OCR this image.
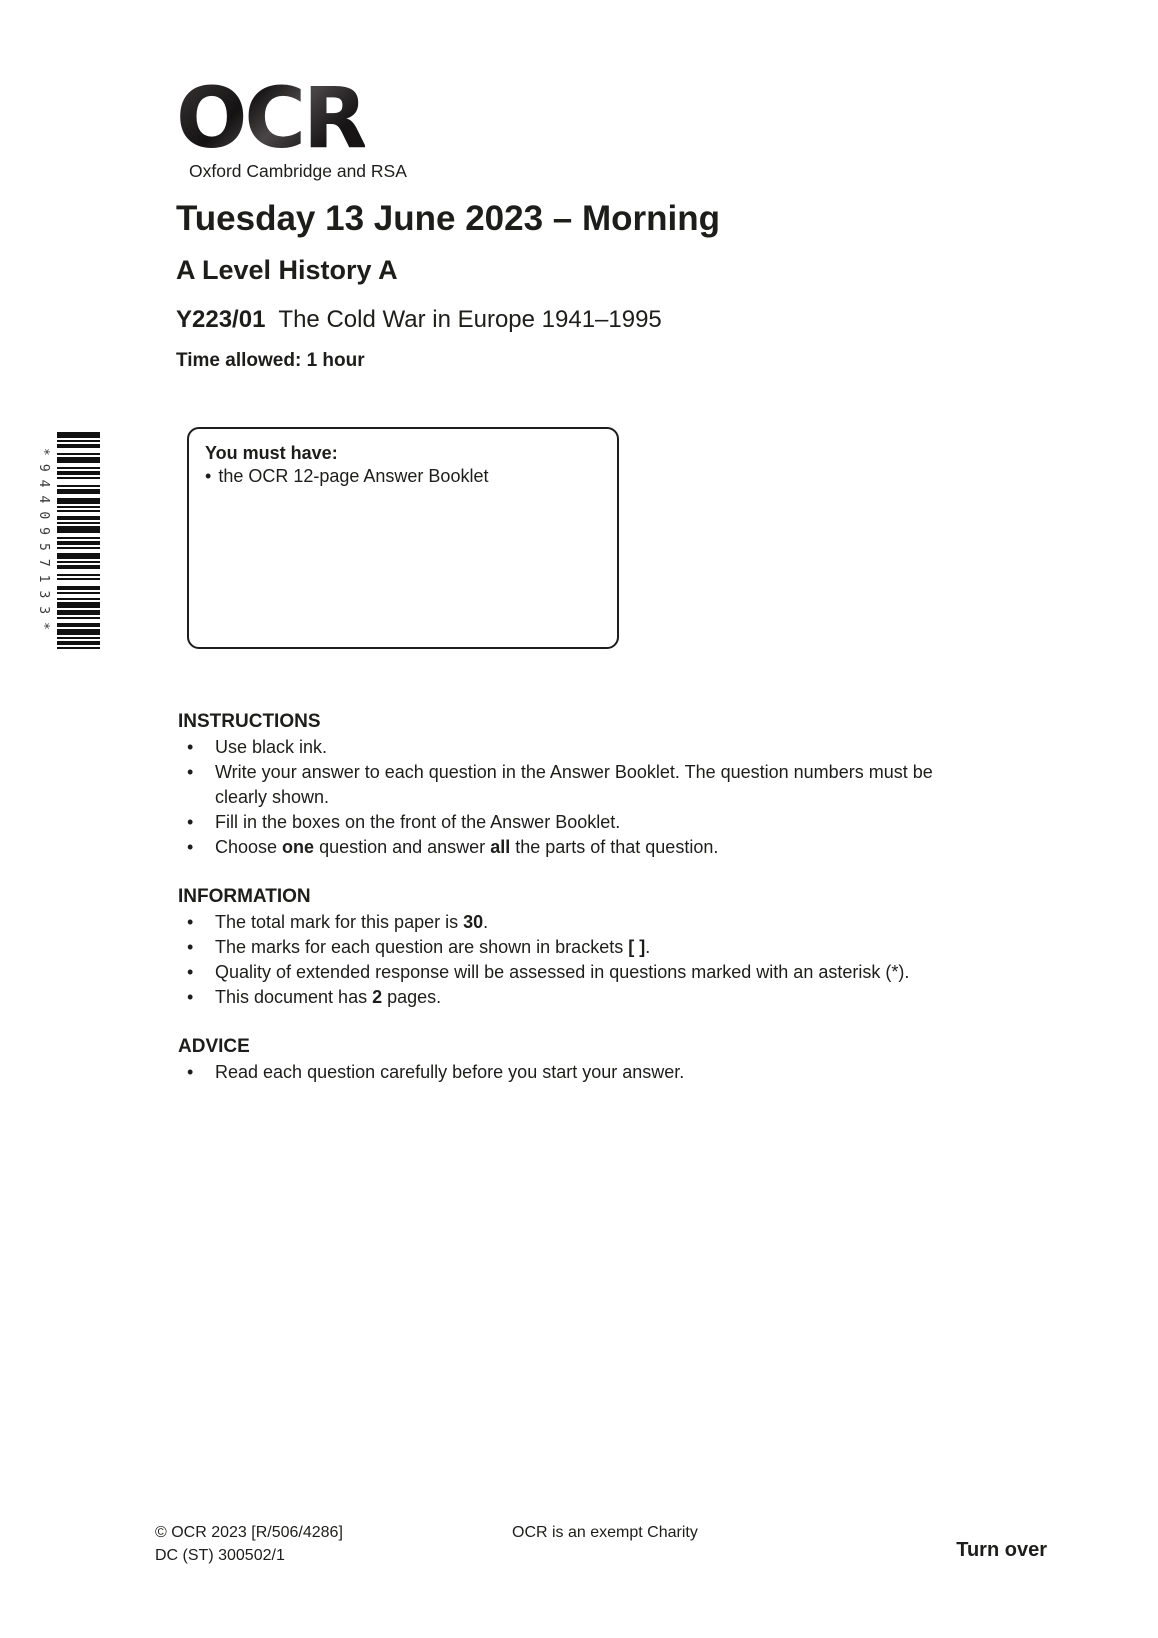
OCR
Oxford Cambridge and RSA
Tuesday 13 June 2023 – Morning
A Level History A
Y223/01 The Cold War in Europe 1941–1995
Time allowed: 1 hour
*9440957133*	You must have:
• the OCR 12-page Answer Booklet
INSTRUCTIONS
• Use black ink.
• Write your answer to each question in the Answer Booklet. The question numbers must be clearly shown.
• Fill in the boxes on the front of the Answer Booklet.
• Choose one question and answer all the parts of that question.
INFORMATION
• The total mark for this paper is 30.
• The marks for each question are shown in brackets [ ].
• Quality of extended response will be assessed in questions marked with an asterisk (*).
• This document has 2 pages.
ADVICE
• Read each question carefully before you start your answer.
© OCR 2023 [R/506/4286]
DC (ST) 300502/1
OCR is an exempt Charity
Turn over
